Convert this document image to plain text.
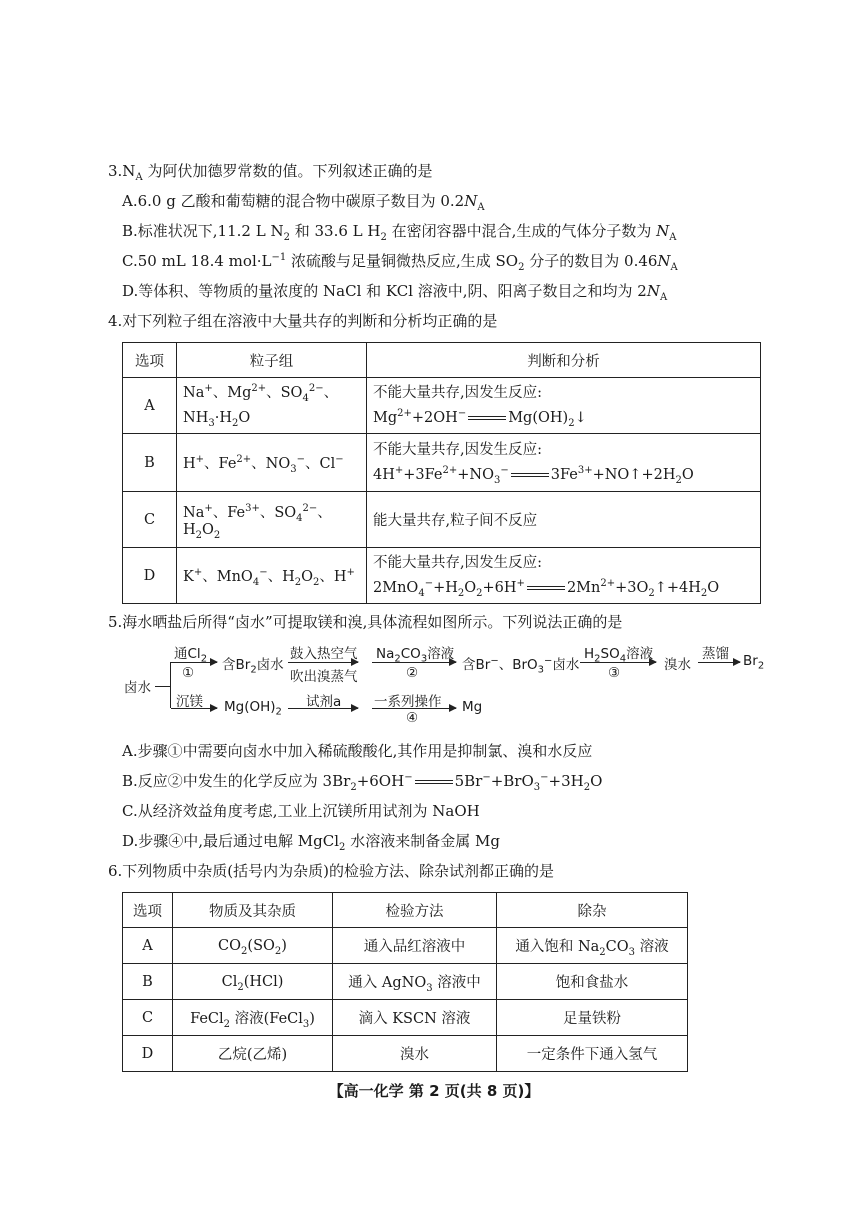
$3.N_A$ 为阿伏加德罗常数的值。下列叙述正确的是
A.6.0 g 乙酸和葡萄糖的混合物中碳原子数目为 $0.2N_A$
B.标准状况下,11.2 L $N_2$ 和 33.6 L $H_2$ 在密闭容器中混合,生成的气体分子数为 $N_A$
C.50 mL 18.4 $mol\cdot L^{-1}$ 浓硫酸与足量铜微热反应,生成 $SO_2$ 分子的数目为 $0.46N_A$
D.等体积、等物质的量浓度的 NaCl 和 KCl 溶液中,阴、阳离子数目之和均为 $2N_A$
4.对下列粒子组在溶液中大量共存的判断和分析均正确的是
选项	粒子组	判断和分析
A	Na+、$Mg^{2+}$、$SO_4^{2-}$、
$NH_3\cdot H_2O$	不能大量共存,因发生反应:
$Mg^{2+}+2OH^-$ $Mg(OH)_2↓$
B	H+、$Fe^{2+}$、$NO_3^-$、Cl−	不能大量共存,因发生反应:
$4H^++3Fe^{2+}+NO_3^-$ $3Fe^{3+}+NO↑+2H_2O$
C	Na+、$Fe^{3+}$、$SO_4^{2-}$、$H_2O_2$	能大量共存,粒子间不反应
D	K+、MnO$_4$−、$H_2O_2$、H+	不能大量共存,因发生反应:
$2MnO_4^-+H_2O_2+6H^+$ $2Mn^{2+}+3O_2↑+4H_2O$
5.海水晒盐后所得“卤水”可提取镁和溴,具体流程如图所示。下列说法正确的是
卤水
通$Cl_2$
① 含$Br_2$卤水
鼓入热空气
吹出溴蒸气
$Na_2CO_3$溶液
②	含Br−、BrO$_3$−卤水
$H_2SO_4$溶液
③	溴水
蒸馏 $Br_2$
沉镁 $Mg(OH)_2$
试剂a 一系列操作
④
Mg
A.步骤①中需要向卤水中加入稀硫酸酸化,其作用是抑制氯、溴和水反应
B.反应②中发生的化学反应为 $3Br_2+6OH^-$	$5Br^-+BrO_3^-+3H_2O$
C.从经济效益角度考虑,工业上沉镁所用试剂为 NaOH
D.步骤④中,最后通过电解 MgCl$_2$ 水溶液来制备金属 Mg
6.下列物质中杂质(括号内为杂质)的检验方法、除杂试剂都正确的是
选项	物质及其杂质	检验方法	除杂
A	$CO_2(SO_2)$	通入品红溶液中	通入饱和 $Na_2CO_3$ 溶液
B	$Cl_2(HCl)$	通入 AgNO$_3$ 溶液中	饱和食盐水
C	FeCl$_2$ 溶液(FeCl$_3$)	滴入 KSCN 溶液	足量铁粉
D	乙烷(乙烯)	溴水	一定条件下通入氢气
【高一化学 第 2 页(共 8 页)】
